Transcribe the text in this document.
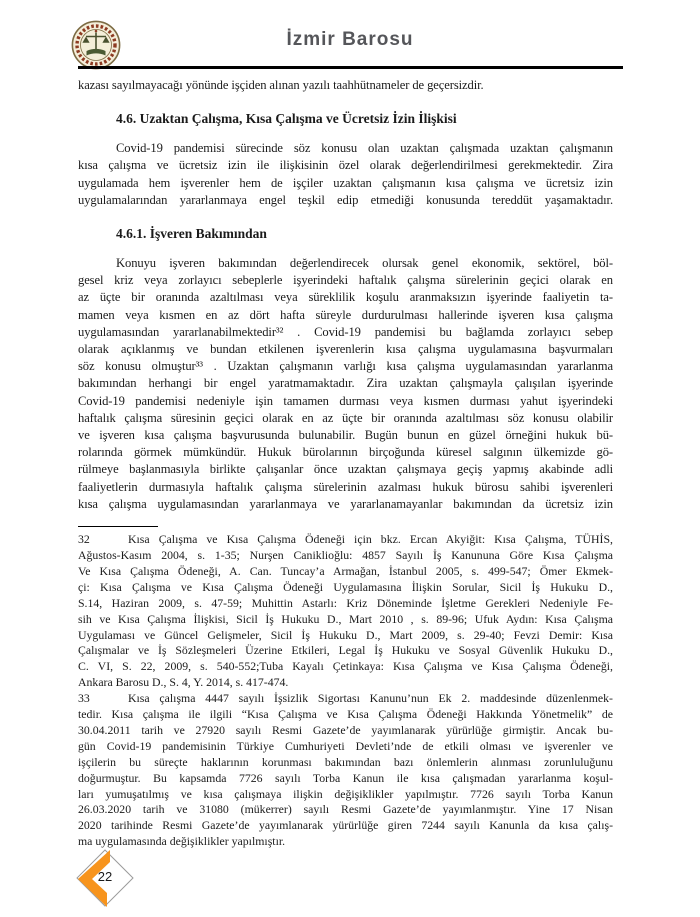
İzmir Barosu
kazası sayılmayacağı yönünde işçiden alınan yazılı taahhütnameler de geçersizdir.
4.6. Uzaktan Çalışma, Kısa Çalışma ve Ücretsiz İzin İlişkisi
Covid-19 pandemisi sürecinde söz konusu olan uzaktan çalışmada uzaktan çalışmanın
kısa çalışma ve ücretsiz izin ile ilişkisinin özel olarak değerlendirilmesi gerekmektedir. Zira
uygulamada hem işverenler hem de işçiler uzaktan çalışmanın kısa çalışma ve ücretsiz izin
uygulamalarından yararlanmaya engel teşkil edip etmediği konusunda tereddüt yaşamaktadır.
4.6.1. İşveren Bakımından
Konuyu işveren bakımından değerlendirecek olursak genel ekonomik, sektörel, böl-
gesel kriz veya zorlayıcı sebeplerle işyerindeki haftalık çalışma sürelerinin geçici olarak en
az üçte bir oranında azaltılması veya süreklilik koşulu aranmaksızın işyerinde faaliyetin ta-
mamen veya kısmen en az dört hafta süreyle durdurulması hallerinde işveren kısa çalışma
uygulamasından yararlanabilmektedir³² . Covid-19 pandemisi bu bağlamda zorlayıcı sebep
olarak açıklanmış ve bundan etkilenen işverenlerin kısa çalışma uygulamasına başvurmaları
söz konusu olmuştur³³ . Uzaktan çalışmanın varlığı kısa çalışma uygulamasından yararlanma
bakımından herhangi bir engel yaratmamaktadır. Zira uzaktan çalışmayla çalışılan işyerinde
Covid-19 pandemisi nedeniyle işin tamamen durması veya kısmen durması yahut işyerindeki
haftalık çalışma süresinin geçici olarak en az üçte bir oranında azaltılması söz konusu olabilir
ve işveren kısa çalışma başvurusunda bulunabilir. Bugün bunun en güzel örneğini hukuk bü-
rolarında görmek mümkündür. Hukuk bürolarının birçoğunda küresel salgının ülkemizde gö-
rülmeye başlanmasıyla birlikte çalışanlar önce uzaktan çalışmaya geçiş yapmış akabinde adli
faaliyetlerin durmasıyla haftalık çalışma sürelerinin azalması hukuk bürosu sahibi işverenleri
kısa çalışma uygulamasından yararlanmaya ve yararlanamayanlar bakımından da ücretsiz izin
32	Kısa Çalışma ve Kısa Çalışma Ödeneği için bkz. Ercan Akyiğit: Kısa Çalışma, TÜHİS,
Ağustos-Kasım 2004, s. 1-35; Nurşen Caniklioğlu: 4857 Sayılı İş Kanununa Göre Kısa Çalışma
Ve Kısa Çalışma Ödeneği, A. Can. Tuncay’a Armağan, İstanbul 2005, s. 499-547; Ömer Ekmek-
çi: Kısa Çalışma ve Kısa Çalışma Ödeneği Uygulamasına İlişkin Sorular, Sicil İş Hukuku D.,
S.14, Haziran 2009, s. 47-59; Muhittin Astarlı: Kriz Döneminde İşletme Gerekleri Nedeniyle Fe-
sih ve Kısa Çalışma İlişkisi, Sicil İş Hukuku D., Mart 2010 , s. 89-96; Ufuk Aydın: Kısa Çalışma
Uygulaması ve Güncel Gelişmeler, Sicil İş Hukuku D., Mart 2009, s. 29-40; Fevzi Demir: Kısa
Çalışmalar ve İş Sözleşmeleri Üzerine Etkileri, Legal İş Hukuku ve Sosyal Güvenlik Hukuku D.,
C. VI, S. 22, 2009, s. 540-552;Tuba Kayalı Çetinkaya: Kısa Çalışma ve Kısa Çalışma Ödeneği,
Ankara Barosu D., S. 4, Y. 2014, s. 417-474.
33	Kısa çalışma 4447 sayılı İşsizlik Sigortası Kanunu’nun Ek 2. maddesinde düzenlenmek-
tedir. Kısa çalışma ile ilgili “Kısa Çalışma ve Kısa Çalışma Ödeneği Hakkında Yönetmelik” de
30.04.2011 tarih ve 27920 sayılı Resmi Gazete’de yayımlanarak yürürlüğe girmiştir. Ancak bu-
gün Covid-19 pandemisinin Türkiye Cumhuriyeti Devleti’nde de etkili olması ve işverenler ve
işçilerin bu süreçte haklarının korunması bakımından bazı önlemlerin alınması zorunluluğunu
doğurmuştur. Bu kapsamda 7726 sayılı Torba Kanun ile kısa çalışmadan yararlanma koşul-
ları yumuşatılmış ve kısa çalışmaya ilişkin değişiklikler yapılmıştır. 7726 sayılı Torba Kanun
26.03.2020 tarih ve 31080 (mükerrer) sayılı Resmi Gazete’de yayımlanmıştır. Yine 17 Nisan
2020 tarihinde Resmi Gazete’de yayımlanarak yürürlüğe giren 7244 sayılı Kanunla da kısa çalış-
ma uygulamasında değişiklikler yapılmıştır.
22
